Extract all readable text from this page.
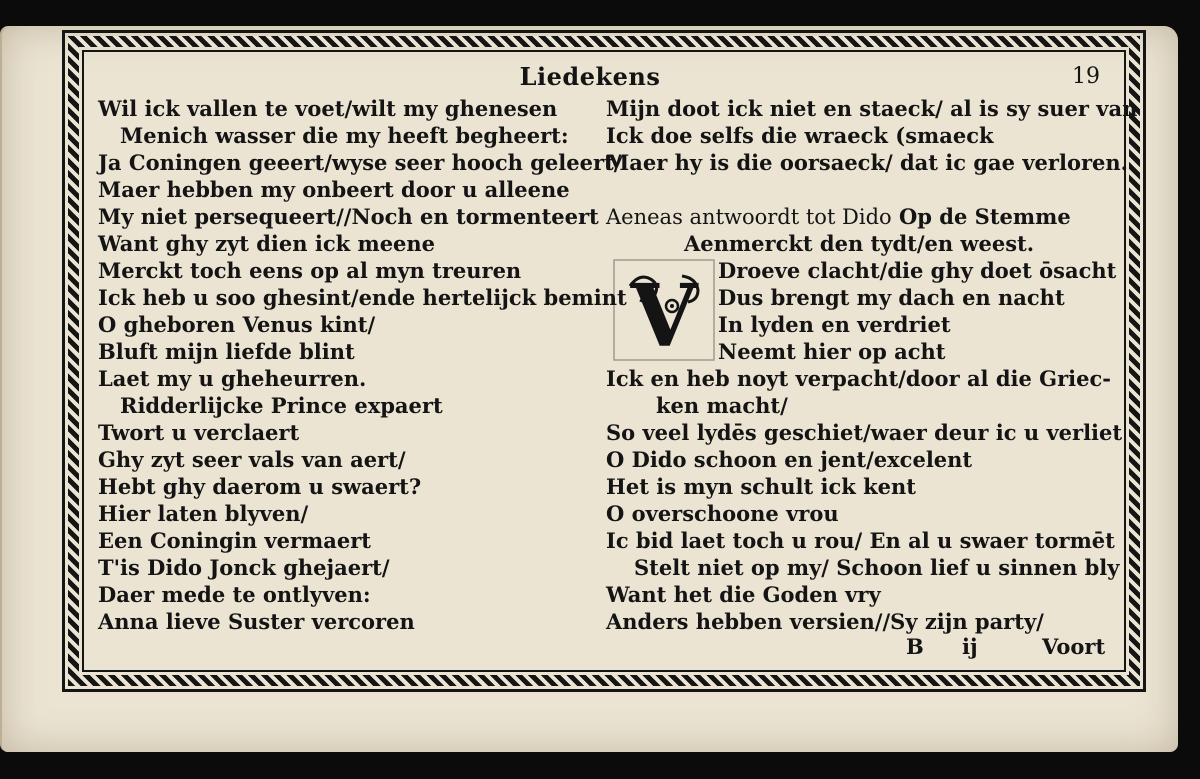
Liedekens	19
Wil ick vallen te voet/wilt my ghenesen
Menich wasser die my heeft begheert:
Ja Coningen geeert/wyse seer hooch geleert/
Maer hebben my onbeert door u alleene
My niet persequeert//Noch en tormenteert
Want ghy zyt dien ick meene
Merckt toch eens op al myn treuren
Ick heb u soo ghesint/ende hertelijck bemint
O gheboren Venus kint/
Bluft mijn liefde blint
Laet my u gheheurren.
Ridderlijcke Prince expaert
Twort u verclaert
Ghy zyt seer vals van aert/
Hebt ghy daerom u swaert?
Hier laten blyven/
Een Coningin vermaert
T'is Dido Jonck ghejaert/
Daer mede te ontlyven:
Anna lieve Suster vercoren
Mijn doot ick niet en staeck/ al is sy suer van
Ick doe selfs die wraeck (smaeck
Maer hy is die oorsaeck/ dat ic gae verloren.
Aeneas antwoordt tot Dido Op de Stemme
Aenmerckt den tydt/en weest.
Droeve clacht/die ghy doet ōsacht
Dus brengt my dach en nacht
In lyden en verdriet
Neemt hier op acht
Ick en heb noyt verpacht/door al die Griec-
ken macht/
So veel lydēs geschiet/waer deur ic u verliet
O Dido schoon en jent/excelent
Het is myn schult ick kent
O overschoone vrou
Ic bid laet toch u rou/ En al u swaer tormēt
Stelt niet op my/ Schoon lief u sinnen bly
Want het die Goden vry
Anders hebben versien//Sy zijn party/
V
B ij	Voort
